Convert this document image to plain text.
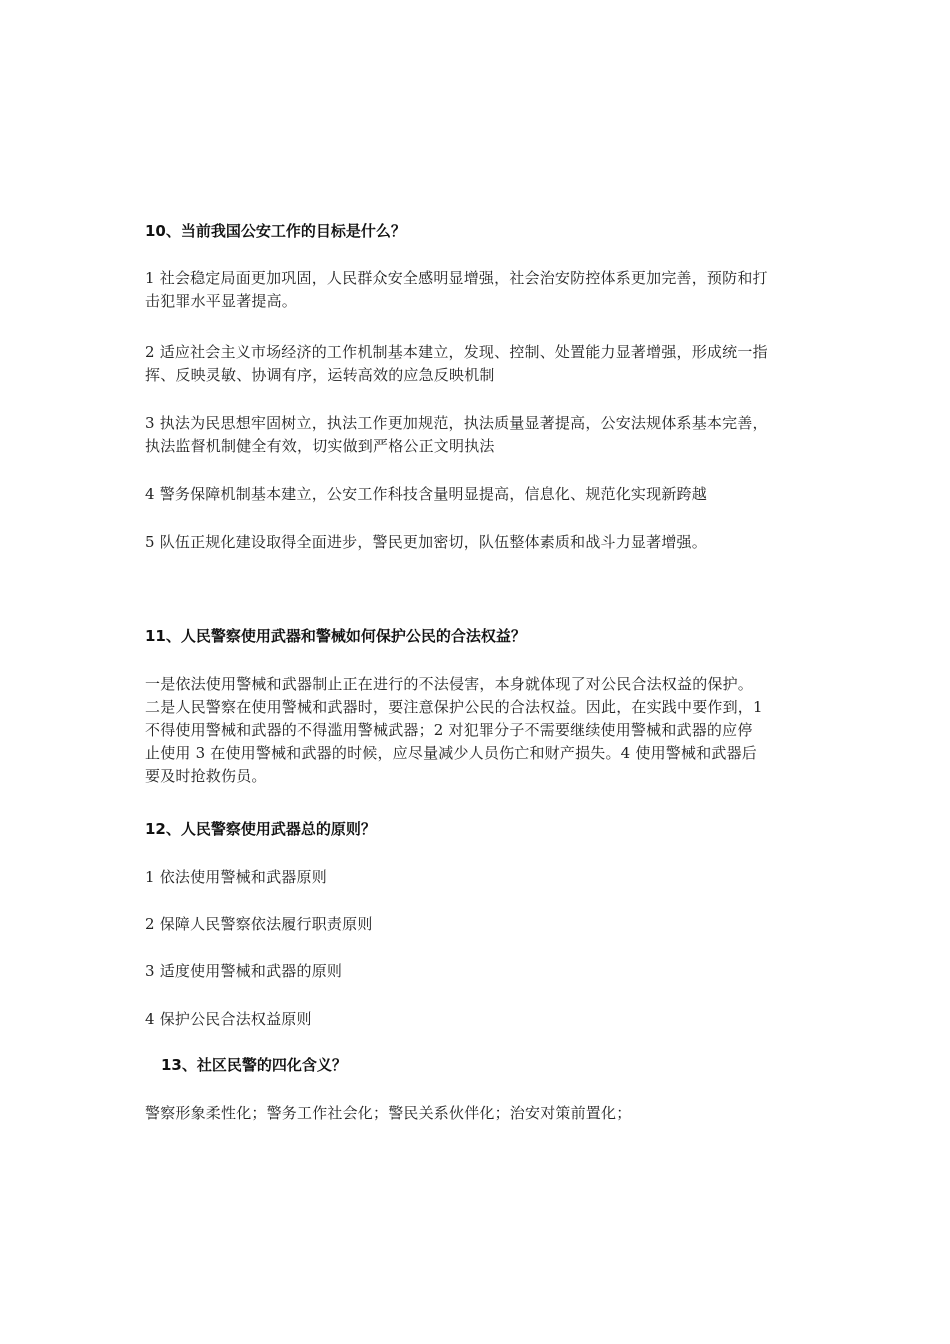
10、当前我国公安工作的目标是什么？
1 社会稳定局面更加巩固，人民群众安全感明显增强，社会治安防控体系更加完善，预防和打
击犯罪水平显著提高。
2 适应社会主义市场经济的工作机制基本建立，发现、控制、处置能力显著增强，形成统一指
挥、反映灵敏、协调有序，运转高效的应急反映机制
3 执法为民思想牢固树立，执法工作更加规范，执法质量显著提高，公安法规体系基本完善，
执法监督机制健全有效，切实做到严格公正文明执法
4 警务保障机制基本建立，公安工作科技含量明显提高，信息化、规范化实现新跨越
5 队伍正规化建设取得全面进步，警民更加密切，队伍整体素质和战斗力显著增强。
11、人民警察使用武器和警械如何保护公民的合法权益？
一是依法使用警械和武器制止正在进行的不法侵害，本身就体现了对公民合法权益的保护。
二是人民警察在使用警械和武器时，要注意保护公民的合法权益。因此，在实践中要作到，1
不得使用警械和武器的不得滥用警械武器；2 对犯罪分子不需要继续使用警械和武器的应停
止使用 3 在使用警械和武器的时候，应尽量减少人员伤亡和财产损失。4 使用警械和武器后
要及时抢救伤员。
12、人民警察使用武器总的原则？
1 依法使用警械和武器原则
2 保障人民警察依法履行职责原则
3 适度使用警械和武器的原则
4 保护公民合法权益原则
13、社区民警的四化含义？
警察形象柔性化；警务工作社会化；警民关系伙伴化；治安对策前置化；
